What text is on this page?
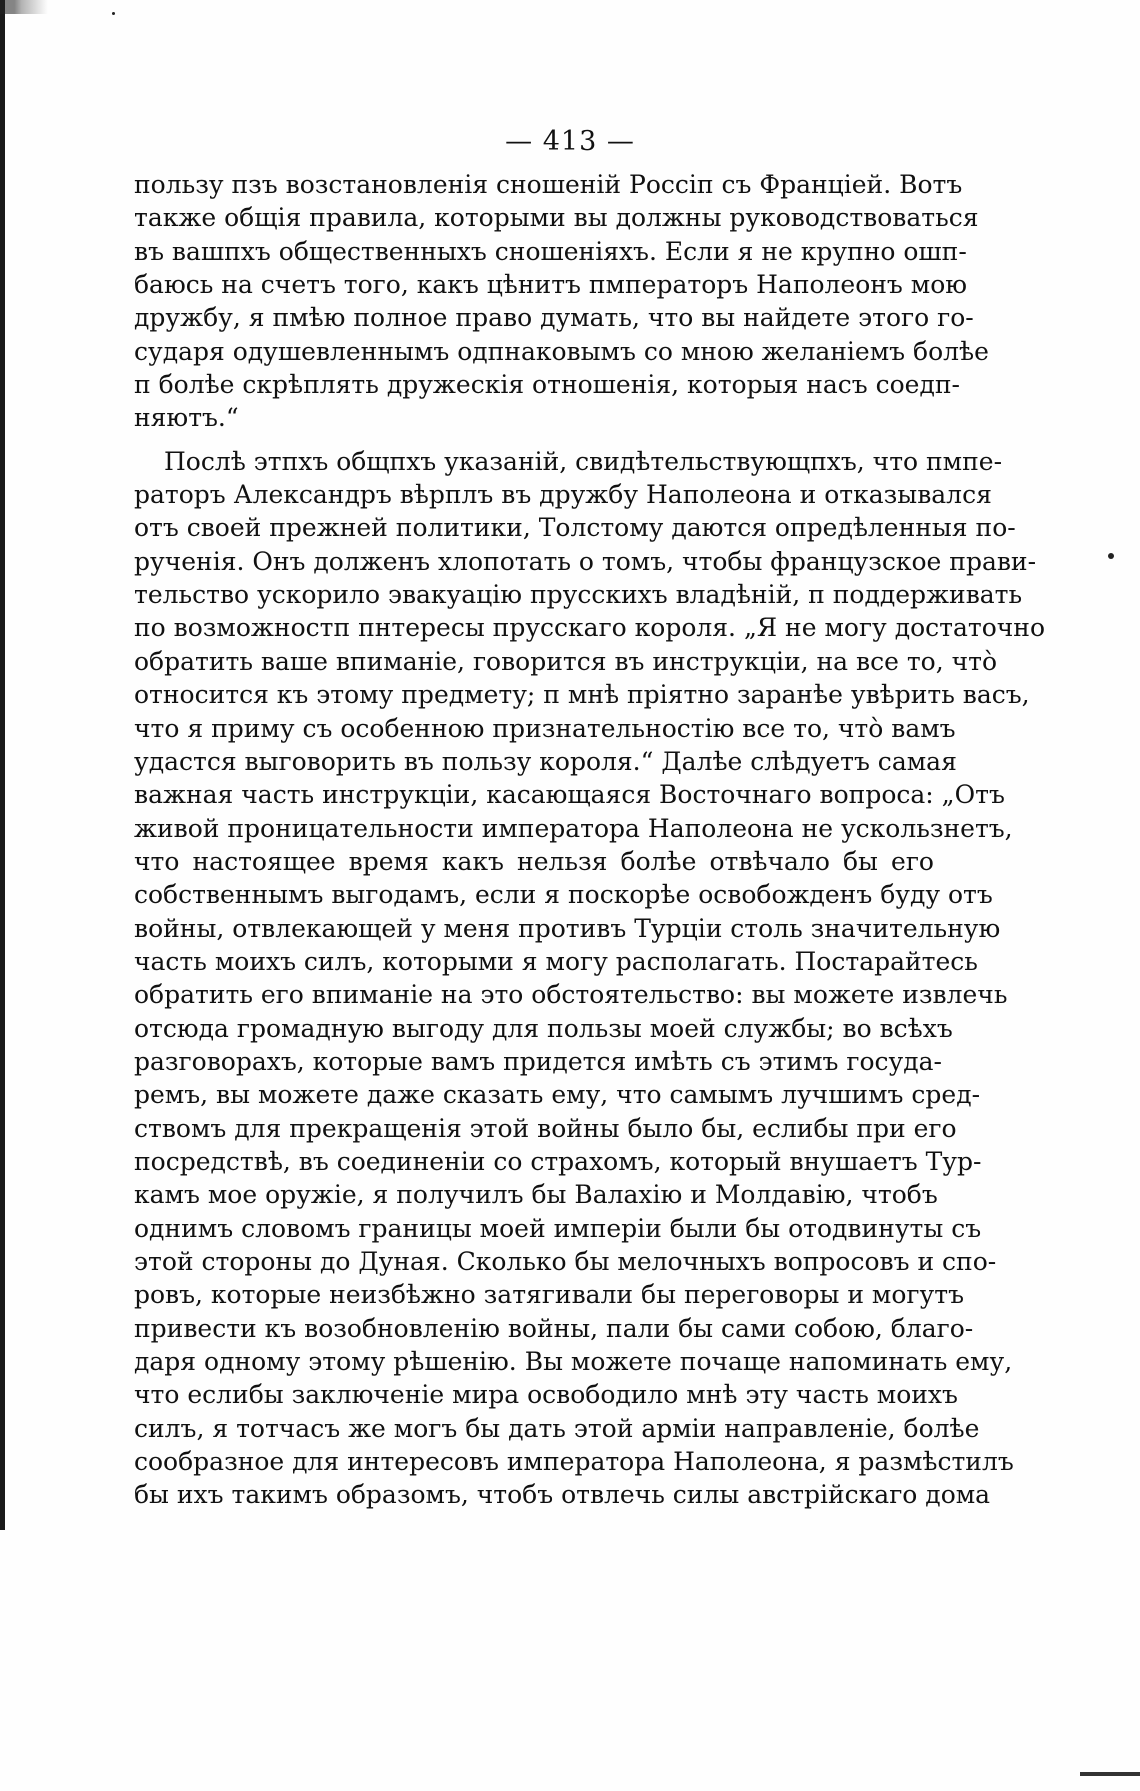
— 413 —
пользу пзъ возстановленія сношеній Россіп съ Франціей. Вотъ
также общія правила, которыми вы должны руководствоваться
въ вашпхъ общественныхъ сношеніяхъ. Если я не крупно ошп-
баюсь на счетъ того, какъ цѣнитъ пмператоръ Наполеонъ мою
дружбу, я пмѣю полное право думать, что вы найдете этого го-
сударя одушевленнымъ одпнаковымъ со мною желаніемъ болѣе
п болѣе скрѣплять дружескія отношенія, которыя насъ соедп-
няютъ.“
Послѣ этпхъ общпхъ указаній, свидѣтельствующпхъ, что пмпе-
раторъ Александръ вѣрплъ въ дружбу Наполеона и отказывался
отъ своей прежней политики, Толстому даются опредѣленныя по-
рученія. Онъ долженъ хлопотать о томъ, чтобы французское прави-
тельство ускорило эвакуацію прусскихъ владѣній, п поддерживать
по возможностп пнтересы прусскаго короля. „Я не могу достаточно
обратить ваше впиманіе, говорится въ инструкціи, на все то, что̀
относится къ этому предмету; п мнѣ пріятно заранѣе увѣрить васъ,
что я приму съ особенною признательностію все то, что̀ вамъ
удастся выговорить въ пользу короля.“ Далѣе слѣдуетъ самая
важная часть инструкціи, касающаяся Восточнаго вопроса: „Отъ
живой проницательности императора Наполеона не ускользнетъ,
что настоящее время какъ нельзя болѣе отвѣчало бы его
собственнымъ выгодамъ, если я поскорѣе освобожденъ буду отъ
войны, отвлекающей у меня противъ Турціи столь значительную
часть моихъ силъ, которыми я могу располагать. Постарайтесь
обратить его впиманіе на это обстоятельство: вы можете извлечь
отсюда громадную выгоду для пользы моей службы; во всѣхъ
разговорахъ, которые вамъ придется имѣть съ этимъ госуда-
ремъ, вы можете даже сказать ему, что самымъ лучшимъ сред-
ствомъ для прекращенія этой войны было бы, еслибы при его
посредствѣ, въ соединеніи со страхомъ, который внушаетъ Тур-
камъ мое оружіе, я получилъ бы Валахію и Молдавію, чтобъ
однимъ словомъ границы моей имперіи были бы отодвинуты съ
этой стороны до Дуная. Сколько бы мелочныхъ вопросовъ и спо-
ровъ, которые неизбѣжно затягивали бы переговоры и могутъ
привести къ возобновленію войны, пали бы сами собою, благо-
даря одному этому рѣшенію. Вы можете почаще напоминать ему,
что еслибы заключеніе мира освободило мнѣ эту часть моихъ
силъ, я тотчасъ же могъ бы дать этой арміи направленіе, болѣе
сообразное для интересовъ императора Наполеона, я размѣстилъ
бы ихъ такимъ образомъ, чтобъ отвлечь силы австрійскаго дома
